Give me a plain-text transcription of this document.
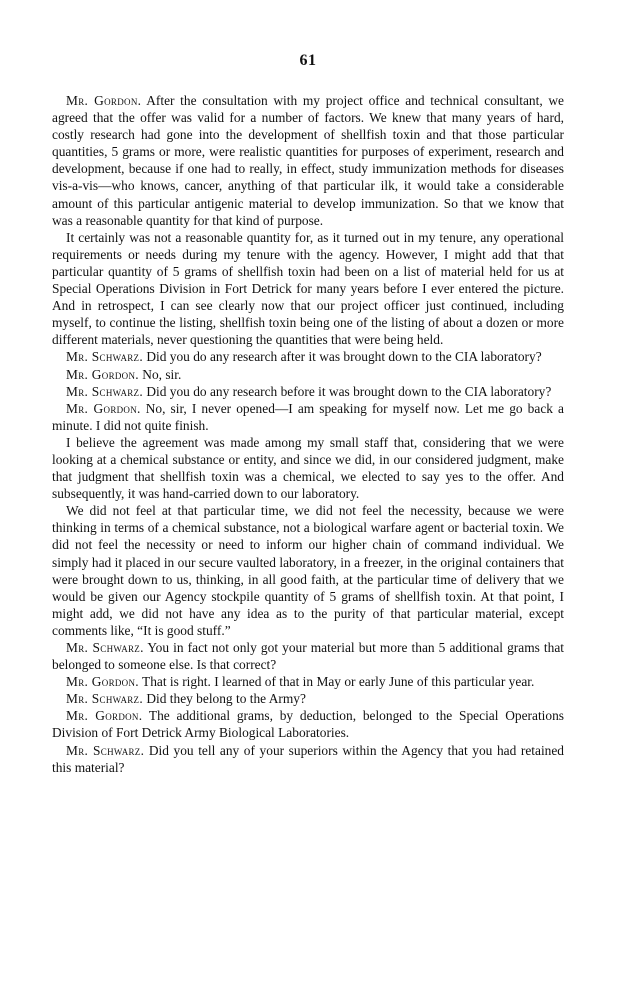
61

Mr. Gordon. After the consultation with my project office and technical consultant, we agreed that the offer was valid for a number of factors. We knew that many years of hard, costly research had gone into the development of shellfish toxin and that those particular quantities, 5 grams or more, were realistic quantities for purposes of experiment, research and development, because if one had to really, in effect, study immunization methods for diseases vis-a-vis—who knows, cancer, anything of that particular ilk, it would take a considerable amount of this particular antigenic material to develop immunization. So that we know that was a reasonable quantity for that kind of purpose.

It certainly was not a reasonable quantity for, as it turned out in my tenure, any operational requirements or needs during my tenure with the agency. However, I might add that that particular quantity of 5 grams of shellfish toxin had been on a list of material held for us at Special Operations Division in Fort Detrick for many years before I ever entered the picture. And in retrospect, I can see clearly now that our project officer just continued, including myself, to continue the listing, shellfish toxin being one of the listing of about a dozen or more different materials, never questioning the quantities that were being held.

Mr. Schwarz. Did you do any research after it was brought down to the CIA laboratory?

Mr. Gordon. No, sir.

Mr. Schwarz. Did you do any research before it was brought down to the CIA laboratory?

Mr. Gordon. No, sir, I never opened—I am speaking for myself now. Let me go back a minute. I did not quite finish.

I believe the agreement was made among my small staff that, considering that we were looking at a chemical substance or entity, and since we did, in our considered judgment, make that judgment that shellfish toxin was a chemical, we elected to say yes to the offer. And subsequently, it was hand-carried down to our laboratory.

We did not feel at that particular time, we did not feel the necessity, because we were thinking in terms of a chemical substance, not a biological warfare agent or bacterial toxin. We did not feel the necessity or need to inform our higher chain of command individual. We simply had it placed in our secure vaulted laboratory, in a freezer, in the original containers that were brought down to us, thinking, in all good faith, at the particular time of delivery that we would be given our Agency stockpile quantity of 5 grams of shellfish toxin. At that point, I might add, we did not have any idea as to the purity of that particular material, except comments like, “It is good stuff.”

Mr. Schwarz. You in fact not only got your material but more than 5 additional grams that belonged to someone else. Is that correct?

Mr. Gordon. That is right. I learned of that in May or early June of this particular year.

Mr. Schwarz. Did they belong to the Army?

Mr. Gordon. The additional grams, by deduction, belonged to the Special Operations Division of Fort Detrick Army Biological Laboratories.

Mr. Schwarz. Did you tell any of your superiors within the Agency that you had retained this material?
